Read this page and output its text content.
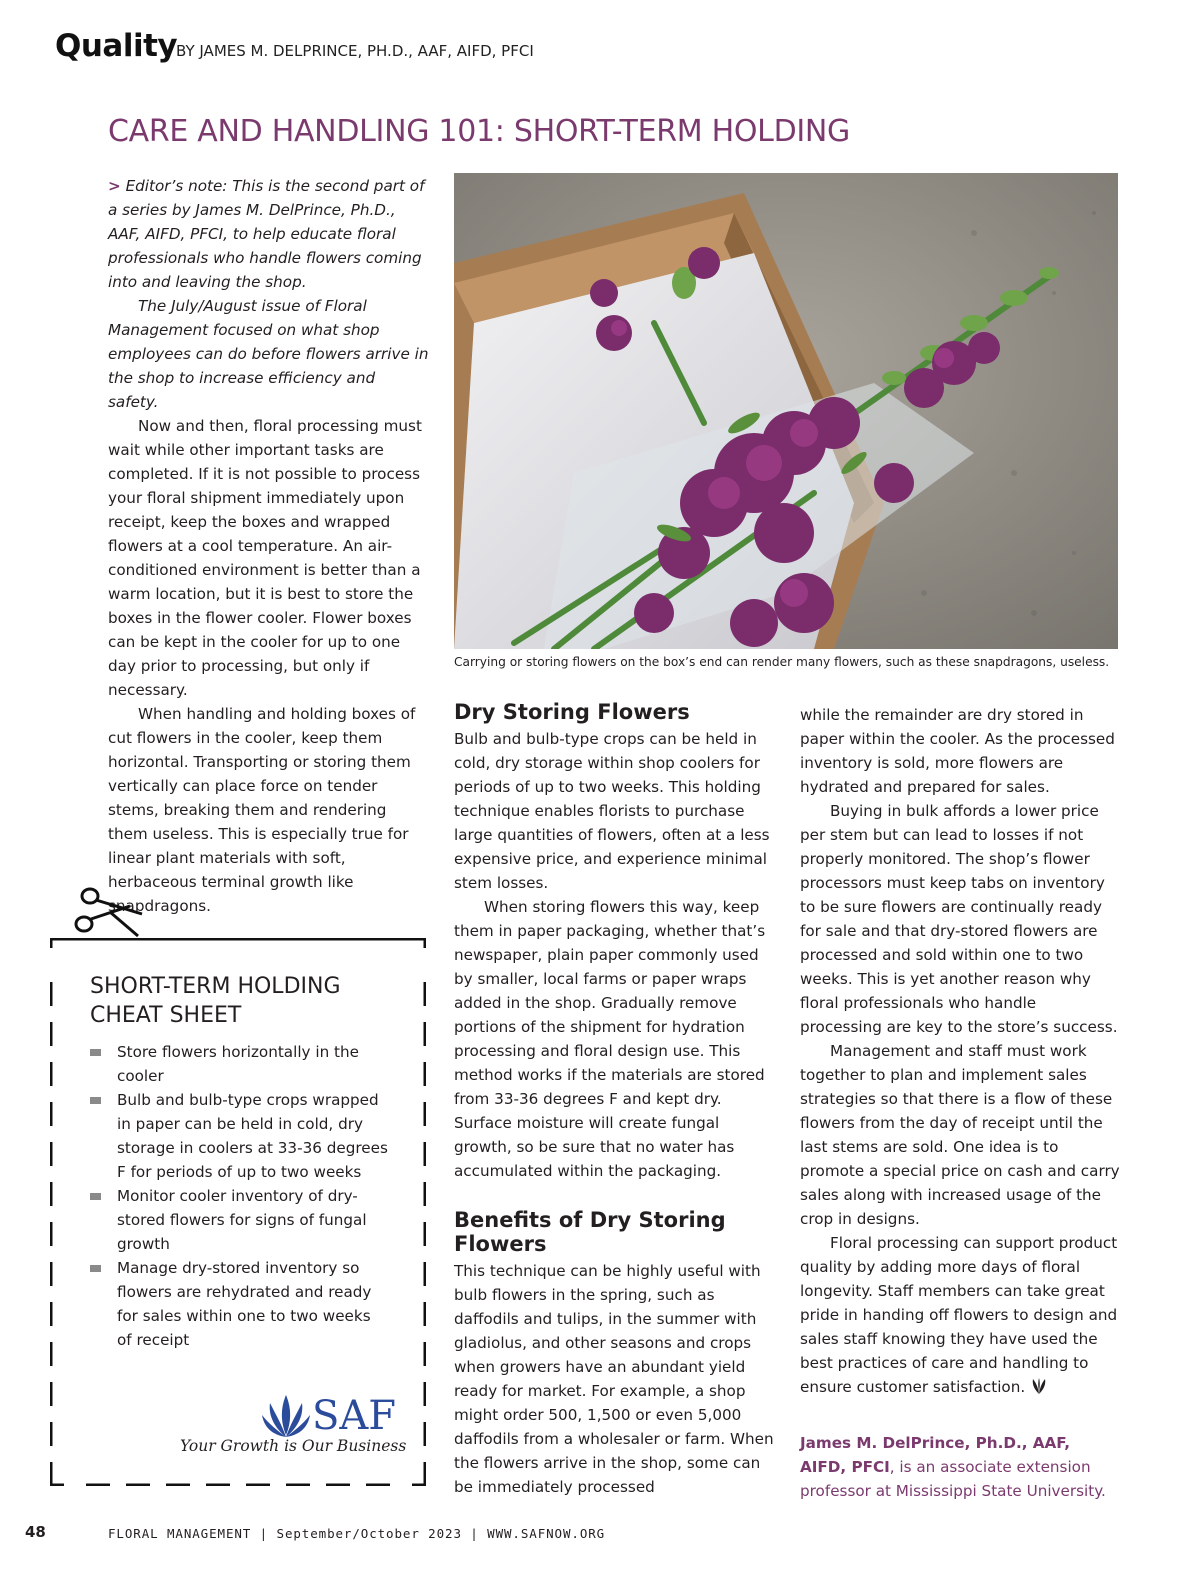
Quality
BY JAMES M. DELPRINCE, PH.D., AAF, AIFD, PFCI
CARE AND HANDLING 101: SHORT-TERM HOLDING

> Editor’s note: This is the second part of a series by James M. DelPrince, Ph.D., AAF, AIFD, PFCI, to help educate floral professionals who handle flowers coming into and leaving the shop.

The July/August issue of Floral Management focused on what shop employees can do before flowers arrive in the shop to increase efficiency and safety.

Now and then, floral processing must wait while other important tasks are completed. If it is not possible to process your floral shipment immediately upon receipt, keep the boxes and wrapped flowers at a cool temperature. An air-conditioned environment is better than a warm location, but it is best to store the boxes in the flower cooler. Flower boxes can be kept in the cooler for up to one day prior to processing, but only if necessary.

When handling and holding boxes of cut flowers in the cooler, keep them horizontal. Transporting or storing them vertically can place force on tender stems, breaking them and rendering them useless. This is especially true for linear plant materials with soft, herbaceous terminal growth like snapdragons.

Carrying or storing flowers on the box’s end can render many flowers, such as these snapdragons, useless.
Dry Storing Flowers

Bulb and bulb-type crops can be held in cold, dry storage within shop coolers for periods of up to two weeks. This holding technique enables florists to purchase large quantities of flowers, often at a less expensive price, and experience minimal stem losses.

When storing flowers this way, keep them in paper packaging, whether that’s newspaper, plain paper commonly used by smaller, local farms or paper wraps added in the shop. Gradually remove portions of the shipment for hydration processing and floral design use. This method works if the materials are stored from 33-36 degrees F and kept dry. Surface moisture will create fungal growth, so be sure that no water has accumulated within the packaging.

Benefits of Dry Storing Flowers

This technique can be highly useful with bulb flowers in the spring, such as daffodils and tulips, in the summer with gladiolus, and other seasons and crops when growers have an abundant yield ready for market. For example, a shop might order 500, 1,500 or even 5,000 daffodils from a wholesaler or farm. When the flowers arrive in the shop, some can be immediately processed

while the remainder are dry stored in paper within the cooler. As the processed inventory is sold, more flowers are hydrated and prepared for sales.

Buying in bulk affords a lower price per stem but can lead to losses if not properly monitored. The shop’s flower processors must keep tabs on inventory to be sure flowers are continually ready for sale and that dry-stored flowers are processed and sold within one to two weeks. This is yet another reason why floral professionals who handle processing are key to the store’s success.

Management and staff must work together to plan and implement sales strategies so that there is a flow of these flowers from the day of receipt until the last stems are sold. One idea is to promote a special price on cash and carry sales along with increased usage of the crop in designs.

Floral processing can support product quality by adding more days of floral longevity. Staff members can take great pride in handing off flowers to design and sales staff knowing they have used the best practices of care and handling to ensure customer satisfaction.

James M. DelPrince, Ph.D., AAF, AIFD, PFCI, is an associate extension professor at Mississippi State University.

SHORT-TERM HOLDING
CHEAT SHEET
Store flowers horizontally in the cooler
Bulb and bulb-type crops wrapped in paper can be held in cold, dry storage in coolers at 33-36 degrees F for periods of up to two weeks
Monitor cooler inventory of dry-stored flowers for signs of fungal growth
Manage dry-stored inventory so flowers are rehydrated and ready for sales within one to two weeks of receipt
SAF
Your Growth is Our Business
48	FLORAL MANAGEMENT | September/October 2023 | WWW.SAFNOW.ORG
